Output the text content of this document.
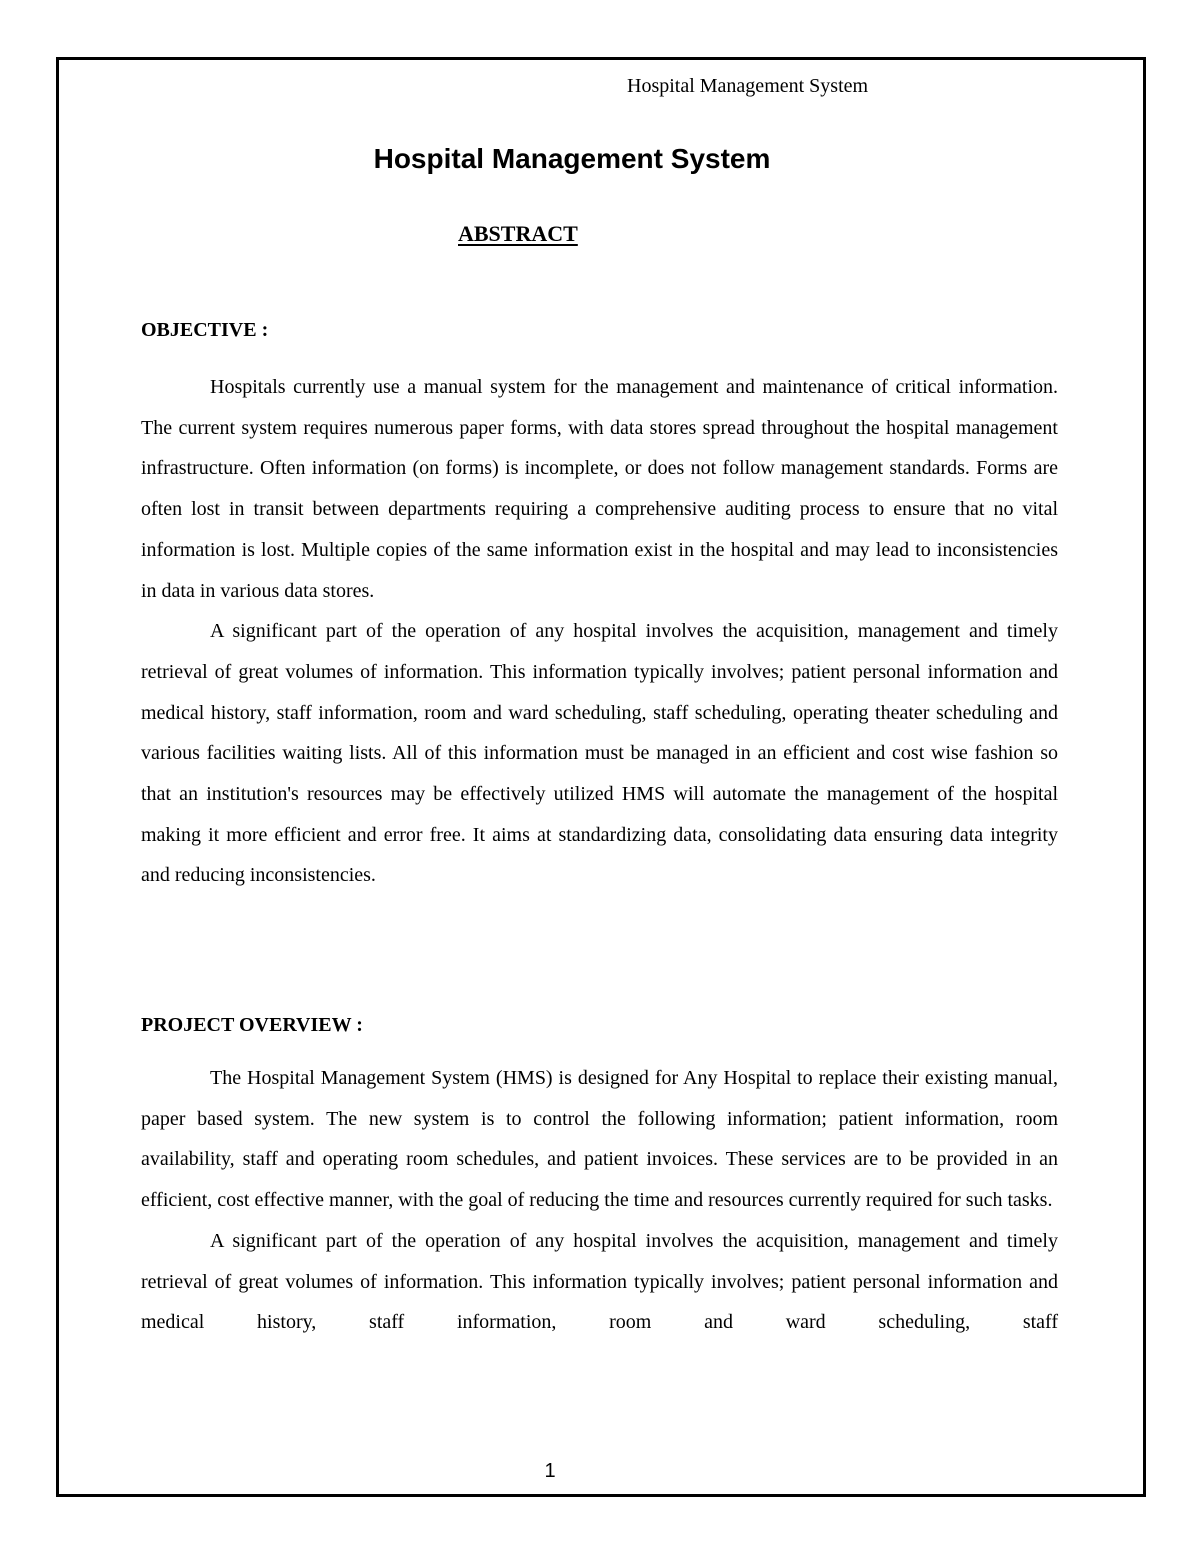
Hospital Management System
Hospital Management System
ABSTRACT
OBJECTIVE :

Hospitals currently use a manual system for the management and maintenance of critical information. The current system requires numerous paper forms, with data stores spread throughout the hospital management infrastructure. Often information (on forms) is incomplete, or does not follow management standards. Forms are often lost in transit between departments requiring a comprehensive auditing process to ensure that no vital information is lost. Multiple copies of the same information exist in the hospital and may lead to inconsistencies in data in various data stores.

A significant part of the operation of any hospital involves the acquisition, management and timely retrieval of great volumes of information. This information typically involves; patient personal information and medical history, staff information, room and ward scheduling, staff scheduling, operating theater scheduling and various facilities waiting lists. All of this information must be managed in an efficient and cost wise fashion so that an institution's resources may be effectively utilized HMS will automate the management of the hospital making it more efficient and error free. It aims at standardizing data, consolidating data ensuring data integrity and reducing inconsistencies.

PROJECT OVERVIEW :

The Hospital Management System (HMS) is designed for Any Hospital to replace their existing manual, paper based system. The new system is to control the following information; patient information, room availability, staff and operating room schedules, and patient invoices. These services are to be provided in an efficient, cost effective manner, with the goal of reducing the time and resources currently required for such tasks.

A significant part of the operation of any hospital involves the acquisition, management and timely retrieval of great volumes of information. This information typically involves; patient personal information and medical history, staff information, room and ward scheduling, staff

1
